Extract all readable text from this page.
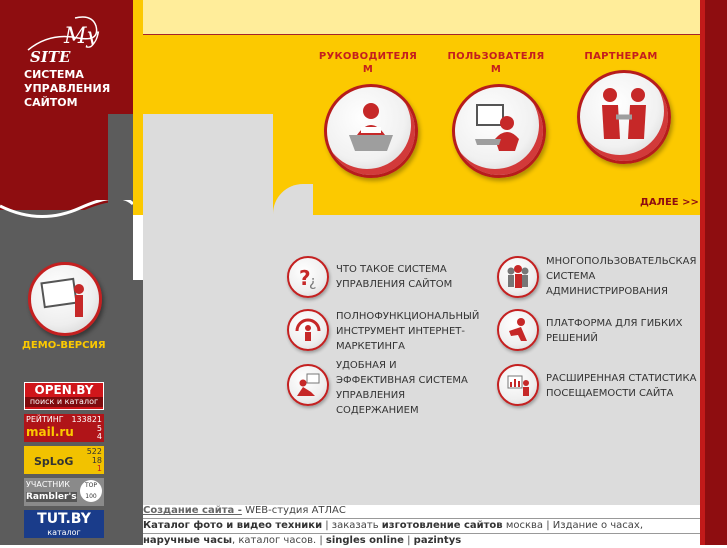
My
SITE
СИСТЕМА
УПРАВЛЕНИЯ
САЙТОМ
РУКОВОДИТЕЛЯ
М
ПОЛЬЗОВАТЕЛЯ
М
ПАРТНЕРАМ
ДАЛЕЕ >>
?
¿
ЧТО ТАКОЕ СИСТЕМА
УПРАВЛЕНИЯ САЙТОМ
МНОГОПОЛЬЗОВАТЕЛЬСКАЯ
СИСТЕМА
АДМИНИСТРИРОВАНИЯ
ПОЛНОФУНКЦИОНАЛЬНЫЙ
ИНСТРУМЕНТ ИНТЕРНЕТ-
МАРКЕТИНГА
ПЛАТФОРМА ДЛЯ ГИБКИХ
РЕШЕНИЙ
УДОБНАЯ И
ЭФФЕКТИВНАЯ СИСТЕМА
УПРАВЛЕНИЯ
СОДЕРЖАНИЕМ
РАСШИРЕННАЯ СТАТИСТИКА
ПОСЕЩАЕМОСТИ САЙТА
ДЕМО-ВЕРСИЯ
OPEN.BY
поиск и каталог
РЕЙТИНГ
mail.ru
133821
5
4
SpLoG
522
18
1
УЧАСТНИК
Rambler's
TOP 100
TUT.BY
каталог
Создание сайта - WEB-студия АТЛАС
Каталог фото и видео техники | заказать изготовление сайтов москва | Издание о часах,
наручные часы, каталог часов. | singles online | pazintys
